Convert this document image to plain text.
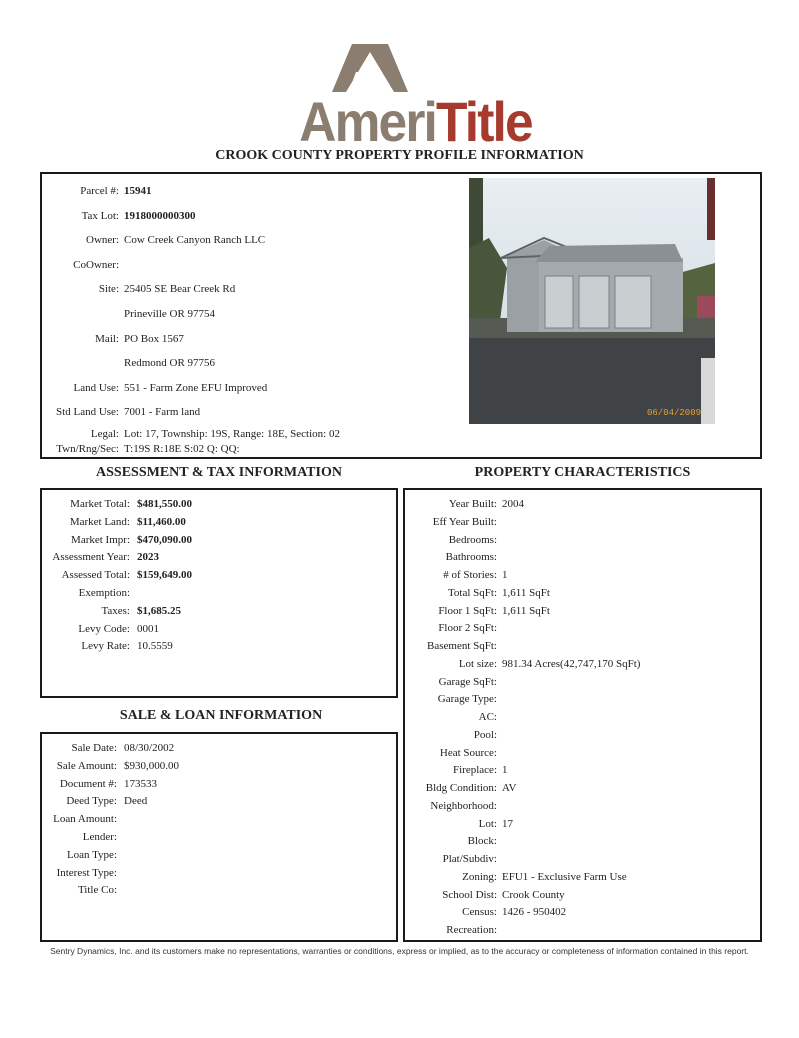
AmeriTitle
CROOK COUNTY PROPERTY PROFILE INFORMATION
Parcel #: 15941
Tax Lot: 1918000000300
Owner: Cow Creek Canyon Ranch LLC
CoOwner:
Site: 25405 SE Bear Creek Rd
Prineville OR 97754
Mail: PO Box 1567
Redmond OR 97756
Land Use: 551 - Farm Zone EFU Improved
Std Land Use: 7001 - Farm land
Legal: Lot: 17, Township: 19S, Range: 18E, Section: 02
Twn/Rng/Sec: T:19S R:18E S:02 Q: QQ:
06/04/2009
ASSESSMENT & TAX INFORMATION	PROPERTY CHARACTERISTICS
SALE & LOAN INFORMATION
Market Total: $481,550.00
Market Land: $11,460.00
Market Impr: $470,090.00
Assessment Year: 2023
Assessed Total: $159,649.00
Exemption:
Taxes: $1,685.25
Levy Code: 0001
Levy Rate: 10.5559
Sale Date: 08/30/2002
Sale Amount: $930,000.00
Document #: 173533
Deed Type: Deed
Loan Amount:
Lender:
Loan Type:
Interest Type:
Title Co:
Year Built: 2004
Eff Year Built:
Bedrooms:
Bathrooms:
# of Stories: 1
Total SqFt: 1,611 SqFt
Floor 1 SqFt: 1,611 SqFt
Floor 2 SqFt:
Basement SqFt:
Lot size: 981.34 Acres(42,747,170 SqFt)
Garage SqFt:
Garage Type:
AC:
Pool:
Heat Source:
Fireplace: 1
Bldg Condition: AV
Neighborhood:
Lot: 17
Block:
Plat/Subdiv:
Zoning: EFU1 - Exclusive Farm Use
School Dist: Crook County
Census: 1426 - 950402
Recreation:
Sentry Dynamics, Inc. and its customers make no representations, warranties or conditions, express or implied, as to the accuracy or completeness of information contained in this report.
